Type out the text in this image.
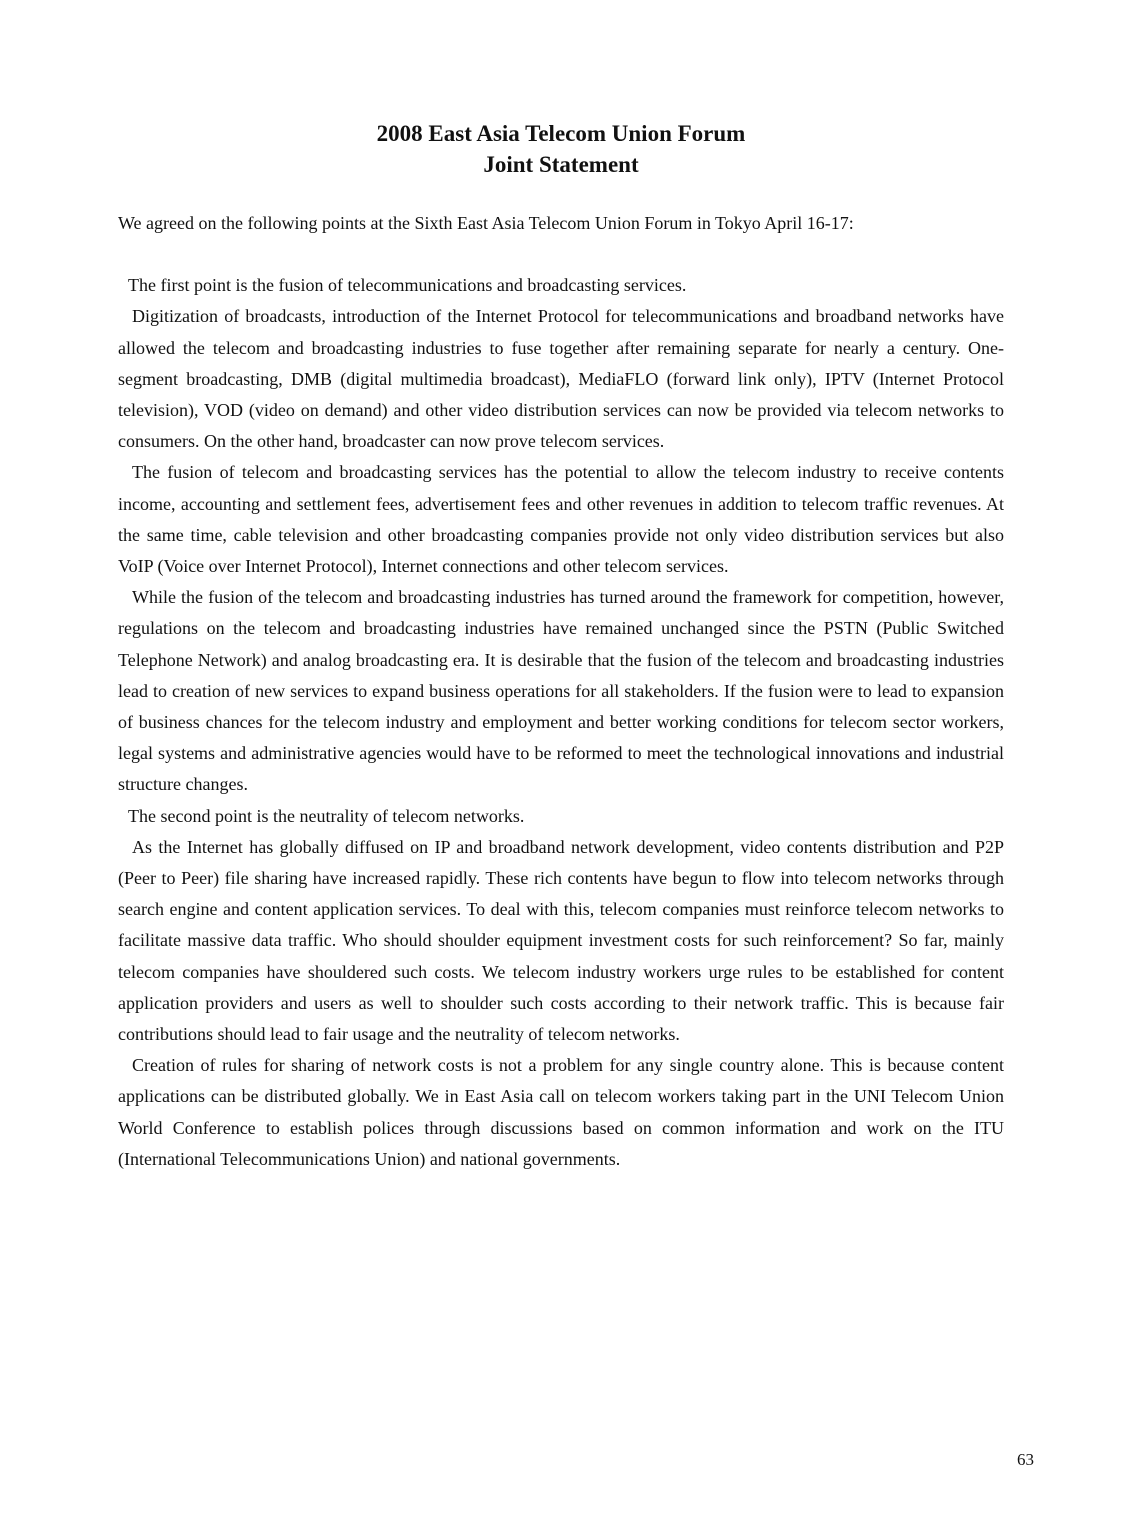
2008 East Asia Telecom Union Forum

Joint Statement

We agreed on the following points at the Sixth East Asia Telecom Union Forum in Tokyo April 16-17:

The first point is the fusion of telecommunications and broadcasting services.

Digitization of broadcasts, introduction of the Internet Protocol for telecommunications and broadband networks have allowed the telecom and broadcasting industries to fuse together after remaining separate for nearly a century. One-segment broadcasting, DMB (digital multimedia broadcast), MediaFLO (forward link only), IPTV (Internet Protocol television), VOD (video on demand) and other video distribution services can now be provided via telecom networks to consumers. On the other hand, broadcaster can now prove telecom services.

The fusion of telecom and broadcasting services has the potential to allow the telecom industry to receive contents income, accounting and settlement fees, advertisement fees and other revenues in addition to telecom traffic revenues. At the same time, cable television and other broadcasting companies provide not only video distribution services but also VoIP (Voice over Internet Protocol), Internet connections and other telecom services.

While the fusion of the telecom and broadcasting industries has turned around the framework for competition, however, regulations on the telecom and broadcasting industries have remained unchanged since the PSTN (Public Switched Telephone Network) and analog broadcasting era. It is desirable that the fusion of the telecom and broadcasting industries lead to creation of new services to expand business operations for all stakeholders. If the fusion were to lead to expansion of business chances for the telecom industry and employment and better working conditions for telecom sector workers, legal systems and administrative agencies would have to be reformed to meet the technological innovations and industrial structure changes.

The second point is the neutrality of telecom networks.

As the Internet has globally diffused on IP and broadband network development, video contents distribution and P2P (Peer to Peer) file sharing have increased rapidly. These rich contents have begun to flow into telecom networks through search engine and content application services. To deal with this, telecom companies must reinforce telecom networks to facilitate massive data traffic. Who should shoulder equipment investment costs for such reinforcement? So far, mainly telecom companies have shouldered such costs. We telecom industry workers urge rules to be established for content application providers and users as well to shoulder such costs according to their network traffic. This is because fair contributions should lead to fair usage and the neutrality of telecom networks.

Creation of rules for sharing of network costs is not a problem for any single country alone. This is because content applications can be distributed globally. We in East Asia call on telecom workers taking part in the UNI Telecom Union World Conference to establish polices through discussions based on common information and work on the ITU (International Telecommunications Union) and national governments.

63
